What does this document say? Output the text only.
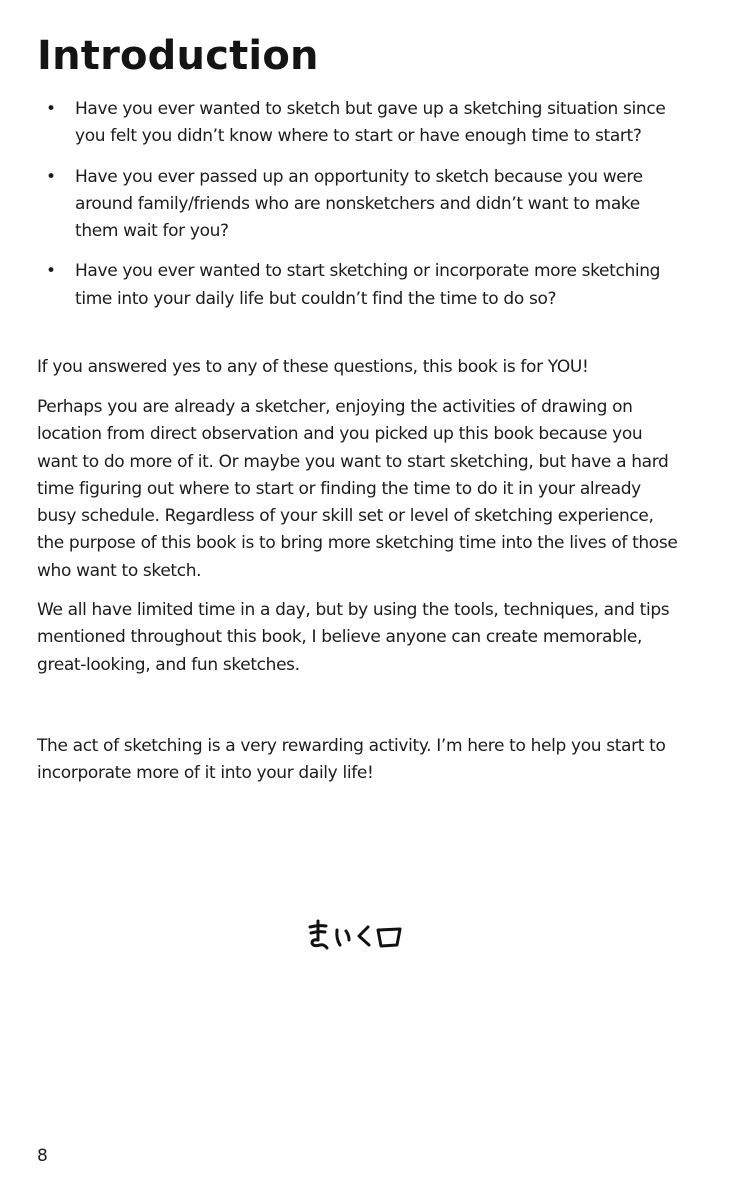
Introduction
• Have you ever wanted to sketch but gave up a sketching situation since you felt you didn’t know where to start or have enough time to start?
• Have you ever passed up an opportunity to sketch because you were around family/friends who are nonsketchers and didn’t want to make them wait for you?
• Have you ever wanted to start sketching or incorporate more sketching time into your daily life but couldn’t find the time to do so?

If you answered yes to any of these questions, this book is for YOU!

Perhaps you are already a sketcher, enjoying the activities of drawing on location from direct observation and you picked up this book because you want to do more of it. Or maybe you want to start sketching, but have a hard time figuring out where to start or finding the time to do it in your already busy schedule. Regardless of your skill set or level of sketching experience, the purpose of this book is to bring more sketching time into the lives of those who want to sketch.

We all have limited time in a day, but by using the tools, techniques, and tips mentioned throughout this book, I believe anyone can create memorable, great-looking, and fun sketches.

The act of sketching is a very rewarding activity. I’m here to help you start to incorporate more of it into your daily life!

8
